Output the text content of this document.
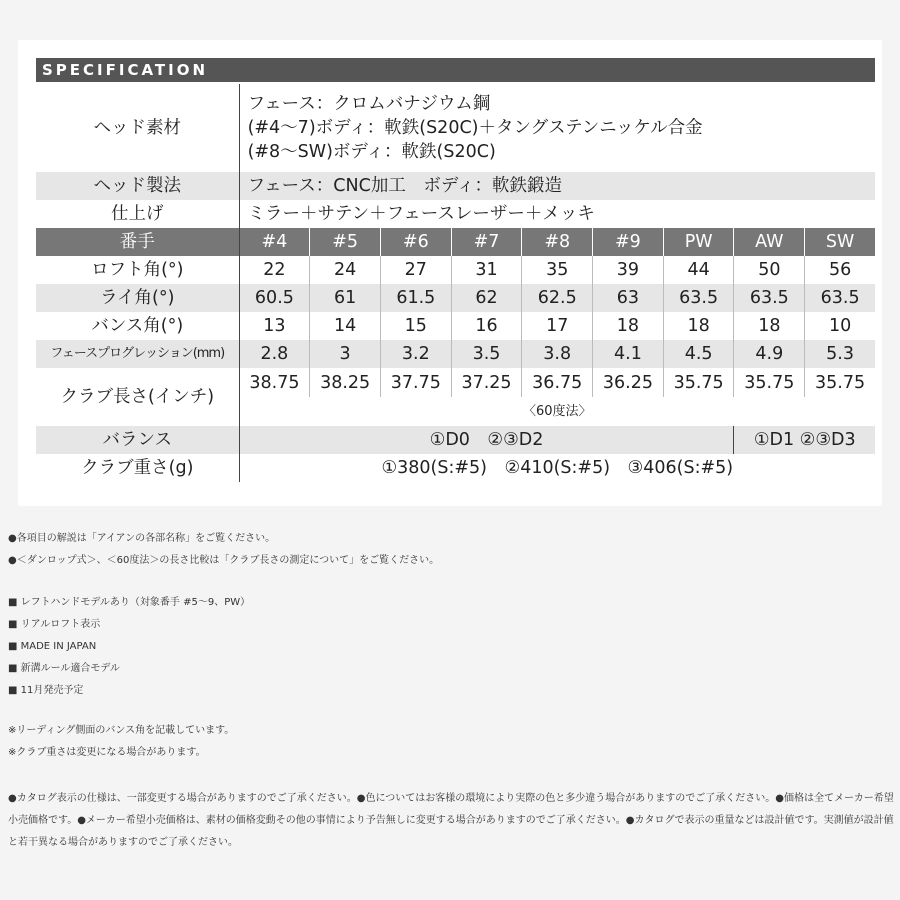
SPECIFICATION
ヘッド素材	フェース：クロムバナジウム鋼
(#4～7)ボディ：軟鉄(S20C)＋タングステンニッケル合金
(#8～SW)ボディ：軟鉄(S20C)								

ヘッド製法	フェース：CNC加工　ボディ：軟鉄鍛造								
仕上げ	ミラー＋サテン＋フェースレーザー＋メッキ								
番手	#4	#5	#6	#7	#8	#9	PW	AW	SW
ロフト角(°)	22	24	27	31	35	39	44	50	56
ライ角(°)	60.5	61	61.5	62	62.5	63	63.5	63.5	63.5
バンス角(°)	13	14	15	16	17	18	18	18	10
フェースプログレッション(mm)	2.8	3	3.2	3.5	3.8	4.1	4.5	4.9	5.3
クラブ長さ(インチ)	38.75	38.25	37.75	37.25	36.75	36.25	35.75	35.75	35.75
	〈60度法〉								
バランス	①D0　②③D2							①D1 ②③D3	
クラブ重さ(g)	①380(S:#5)　②410(S:#5)　③406(S:#5)								
●各項目の解説は「アイアンの各部名称」をご覧ください。
●＜ダンロップ式＞、＜60度法＞の長さ比較は「クラブ長さの測定について」をご覧ください。
■ レフトハンドモデルあり（対象番手 #5～9、PW）
■ リアルロフト表示
■ MADE IN JAPAN
■ 新溝ルール適合モデル
■ 11月発売予定
※リーディング側面のバンス角を記載しています。
※クラブ重さは変更になる場合があります。
●カタログ表示の仕様は、一部変更する場合がありますのでご了承ください。●色についてはお客様の環境により実際の色と多少違う場合がありますのでご了承ください。●価格は全てメーカー希望小売価格です。●メーカー希望小売価格は、素材の価格変動その他の事情により予告無しに変更する場合がありますのでご了承ください。●カタログで表示の重量などは設計値です。実測値が設計値と若干異なる場合がありますのでご了承ください。
